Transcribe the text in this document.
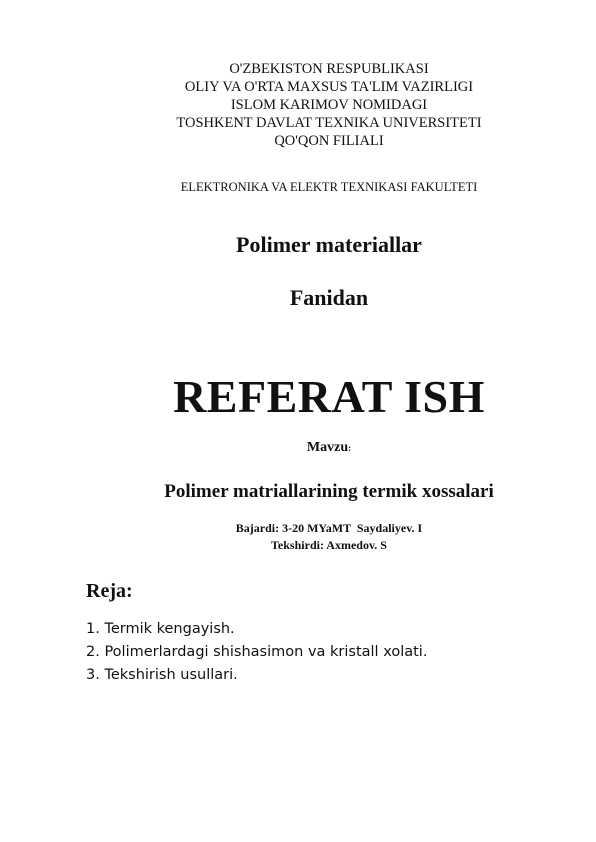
O'ZBEKISTON RESPUBLIKASI
OLIY VA O'RTA MAXSUS TA'LIM VAZIRLIGI
ISLOM KARIMOV NOMIDAGI
TOSHKENT DAVLAT TEXNIKA UNIVERSITETI
QO'QON FILIALI
ELEKTRONIKA VA ELEKTR TEXNIKASI FAKULTETI
Polimer materiallar
Fanidan
REFERAT ISH
Mavzu:
Polimer matriallarining termik xossalari
Bajardi: 3-20 MYaMT  Saydaliyev. I
Tekshirdi: Axmedov. S
Reja:
1. Termik kengayish.
2. Polimerlardagi shishasimon va kristall xolati.
3. Tekshirish usullari.
